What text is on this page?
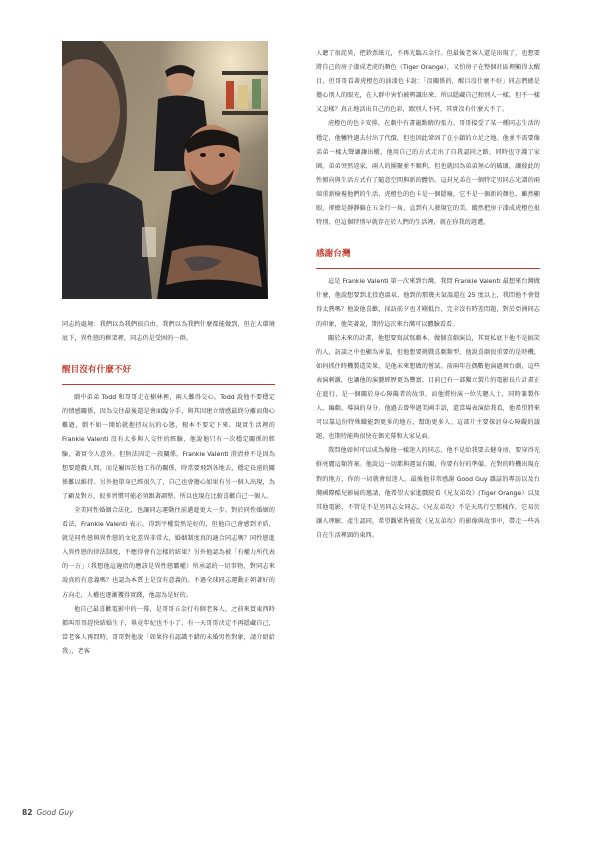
同志的處境：我們以為我們很自由，我們以為我們什麼都能做到，但在大環境底下，異性戀的框架裡，同志仍是受困的一群。

醒目沒有什麼不好

劇中弟弟 Todd 和哥哥走在樹林裡，兩人難得交心。Todd 說他不要穩定的情感關係，因為交往最後還是會面臨分手，與其因建立情感最終分離而傷心難過，倒不如一開始就抱持玩玩的心態，根本不要定下來。現實生活裡的 Frankie Valenti 沒有太多與人交往的經驗，他說他只有一次穩定關係的經驗，著實令人意外。但無法固定一段關係，Frankie Valenti 澄清並不是因為想要遊戲人間，而是屬因於他工作的關係，時常要飛到各地去，穩定長遠的關係難以維持。另外他單身已經很久了，自己也會擔心如果有另一個人出現，為了顧及對方，很多習慣可能必須跟著調整，所以也現在比較喜歡自己一個人。

全美同性婚姻合法化，也讓同志運動往前邁進更大一步。對於同性婚姻的看法，Frankie Valenti 表示，得到平權當然是好的，但他自己會感到矛盾，就是同性戀與異性戀的文化差異非常大，婚姻制度真的適合同志嗎？同性戀進入異性戀的律法制度，不應得會有怎樣的結果？另外他認為被「有權力所代表的一方」（我想他這邊指的應該是異性戀霸權）所承認的一切事物，對同志來說真的有意義嗎？也認為本質上是沒有意義的。不過全球同志運動正朝著好的方向走，人權也逐漸獲得實踐，他認為是好的。

他自己最喜歡電影中的一幕，是哥哥五金行有個老客人，之前來買東西時都叫哥哥趕快結婚生子，畢竟年紀也不小了。有一天哥哥決定不再隱藏自己，當老客人再問時，哥哥對他說「如果你有認識不錯的未婚男性對象，請介紹給我」，老客

人聽了很詫異，把鈔票紙元，不再光臨五金行。但最後老客人還是出現了，也想要將自己的房子漆成老虎的顏色（Tiger Orange），又怕房子在整個社區裡顯得太醒目，但哥哥看著虎橙色的油漆色卡說：「沒關係的，醒目沒什麼不好」同志們總是擔心別人的眼光，在人群中害怕被辨識出來，所以隱藏自己和別人一樣。但不一樣又怎樣？真正地活出自己的色彩，跟別人不同，其實沒有什麼大不了。

虎橙色的色卡安排，在劇中有畫龍點睛的張力。哥哥接受了某一種同志生活的穩定，他犧牲過去付出了代價，但也因此鞏固了在小鎮的立足之地。他並不需要像弟弟一樣大聲讓讓出櫃，他用自己的方式走出了自我認同之路，同時也守護了家園。弟弟突然返家，兩人的團聚並不順利，但也就因為弟弟無心的破壞，讓彼此的性傾向與生活方式有了隨意空間與新的體悟。這封兄弟在一個特定男同志光譜的兩端重新檢視他們的生活，虎橙色的色卡是一個隱喻，它不是一個新的顏色，雖然顯眼，卻總是靜靜躺在五金行一角，直到有人發現它的美。縱然把房子漆成虎橙色很特別，但這個特別早就存在於人們的生活裡，就在你我的週遭。

感謝台灣

這是 Frankie Valenti 第一次來到台灣，我問 Frankie Valenti 最想來台灣做什麼，他說想要到北投泡溫泉，他到的那幾天氣溫還在 25 度以上，我問他不會覺得太熱嗎？他說他喜歡，採訪前夕也才剛抵台，完全沒有時差問題，對於亞洲同志的印象，他笑著說，期待這次來台灣可以體驗看看。

關於未來的計畫，他想要寫試寫劇本，做個喜劇演員，其實私底下他不是搞笑的人，訪談之中也顯為害羞，但他想要挑戰喜劇類型，他說喜劇很重要的是時機，如何抓住時機製造笑果，是他未來想做的嘗試。前兩年在偶數他演過舞台劇，這些表演刺激，也讓他的演藝經歷更為豐富。目前已有一部獨立製片的電影長片計畫正在進行，是一個關於身心障礙者的故事，而他將扮演一位失聰人士，同時兼製作人、編劇、導演的身分。他過去曾學過美國手語，還當場表演給我看，他希望將來可以靠這份特殊職能到更多的地方，幫助更多人。這部片主要探討身心障礙的議題，也期待能夠很快在偶光幕和大家見面。

我問他如何可以成為像他一樣迷人的同志，他不是給我要去健身房，要穿得光鮮亮麗這類答案。他說這一切都與運氣有關，你要有好的準備，在對的時機出現在對的地方，你的一切就會很迷人。最後他非常感謝 Good Guy 雜誌的專訪以及台灣國際酷兒影展的邀請，他希望大家進戲院看《兄友弟攻》(Tiger Orange）以及其他電影，不管是不是男同志女同志，《兄友弟攻》不是天馬行空那樣作，它易於讓人理解、產生認同，希望觀眾皆能從《兄友弟攻》的影像與故事中，帶走一些各自在生活裡頭的東西。

82 Good Guy
